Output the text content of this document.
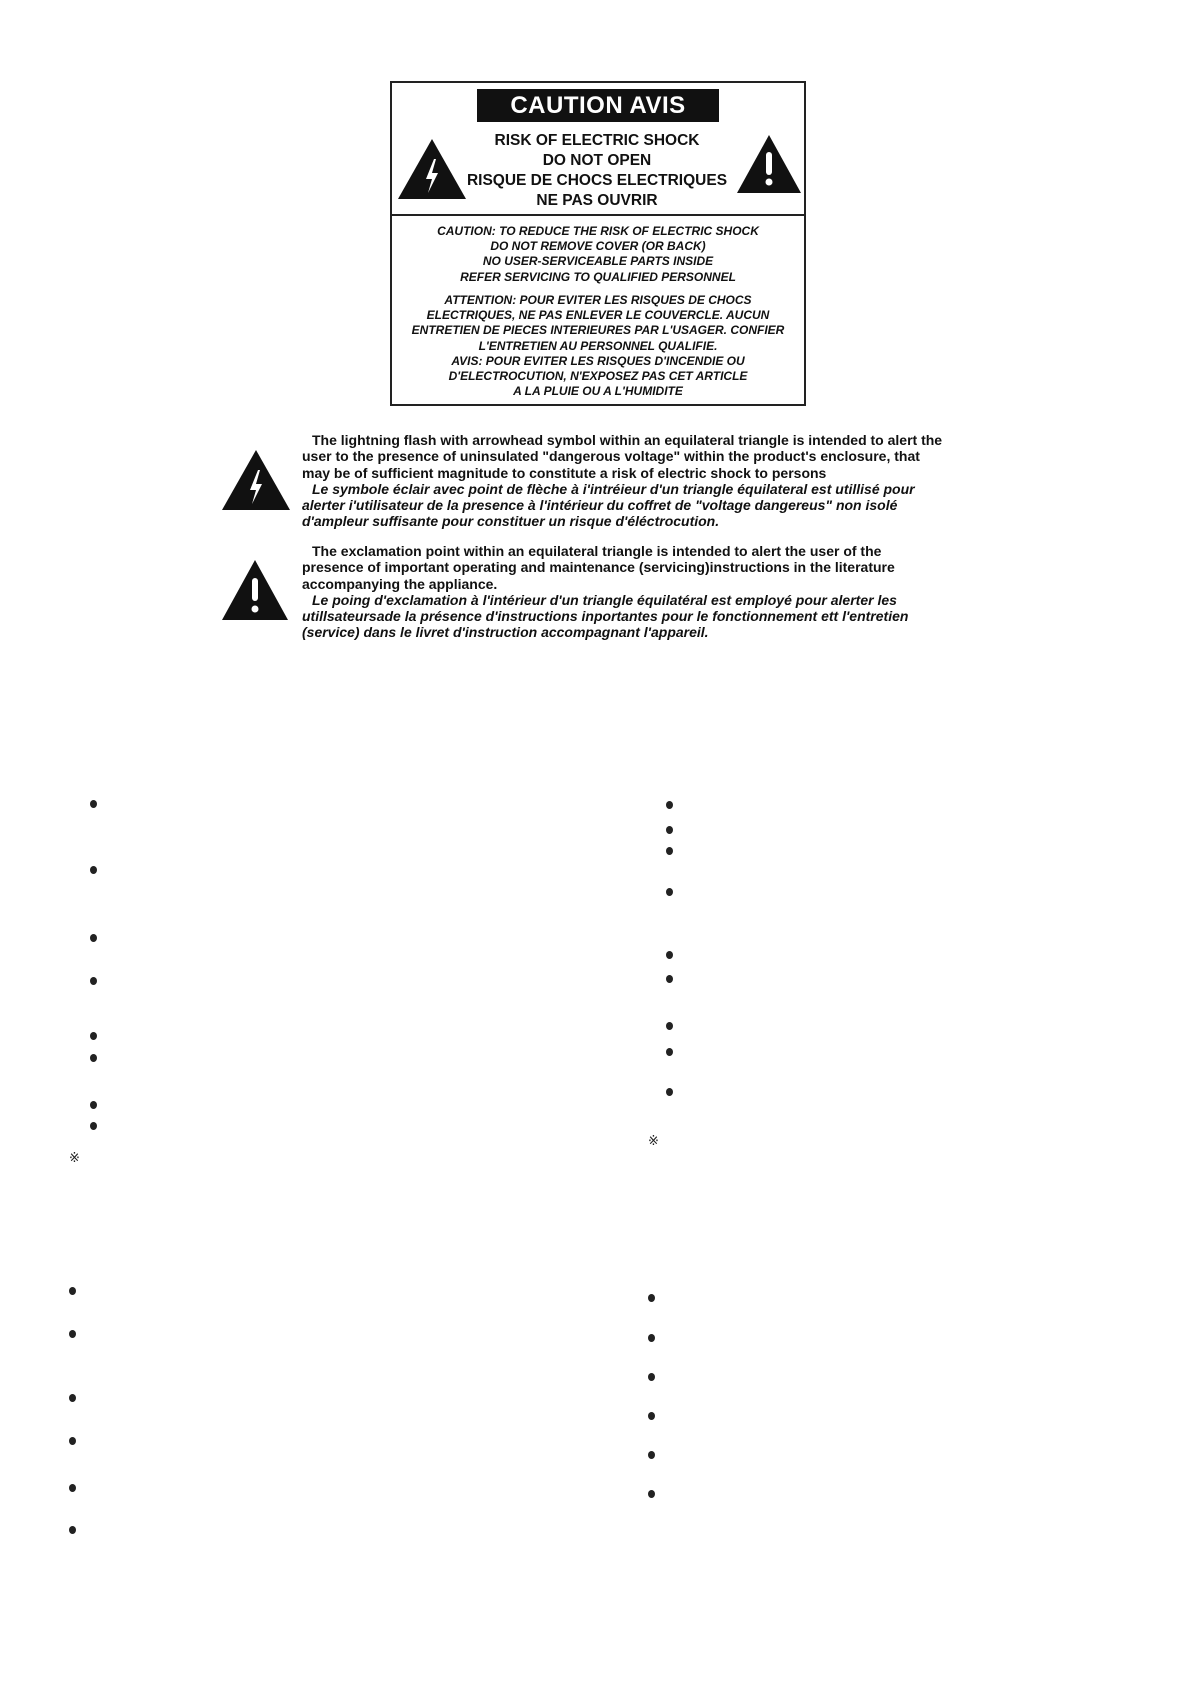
CAUTION AVIS
RISK OF ELECTRIC SHOCK
DO NOT OPEN
RISQUE DE CHOCS ELECTRIQUES
NE PAS OUVRIR
CAUTION: TO REDUCE THE RISK OF ELECTRIC SHOCK
DO NOT REMOVE COVER (OR BACK)
NO USER-SERVICEABLE PARTS INSIDE
REFER SERVICING TO QUALIFIED PERSONNEL
ATTENTION: POUR EVITER LES RISQUES DE CHOCS
ELECTRIQUES, NE PAS ENLEVER LE COUVERCLE. AUCUN
ENTRETIEN DE PIECES INTERIEURES PAR L'USAGER. CONFIER
L'ENTRETIEN AU PERSONNEL QUALIFIE.
AVIS: POUR EVITER LES RISQUES D'INCENDIE OU
D'ELECTROCUTION, N'EXPOSEZ PAS CET ARTICLE
A LA PLUIE OU A L'HUMIDITE
The lightning flash with arrowhead symbol within an equilateral triangle is intended to alert the
user to the presence of uninsulated "dangerous voltage" within the product's enclosure, that
may be of sufficient magnitude to constitute a risk of electric shock to persons
Le symbole éclair avec point de flèche à i'intréieur d'un triangle équilateral est utillisé pour
alerter i'utilisateur de la presence à l'intérieur du coffret de "voltage dangereus" non isolé
d'ampleur suffisante pour constituer un risque d'éléctrocution.
The exclamation point within an equilateral triangle is intended to alert the user of the
presence of important operating and maintenance (servicing)instructions in the literature
accompanying the appliance.
Le poing d'exclamation à l'intérieur d'un triangle équilatéral est employé pour alerter les
utillsateursade la présence d'instructions inportantes pour le fonctionnement ett l'entretien
(service) dans le livret d'instruction accompagnant l'appareil.
※
※
